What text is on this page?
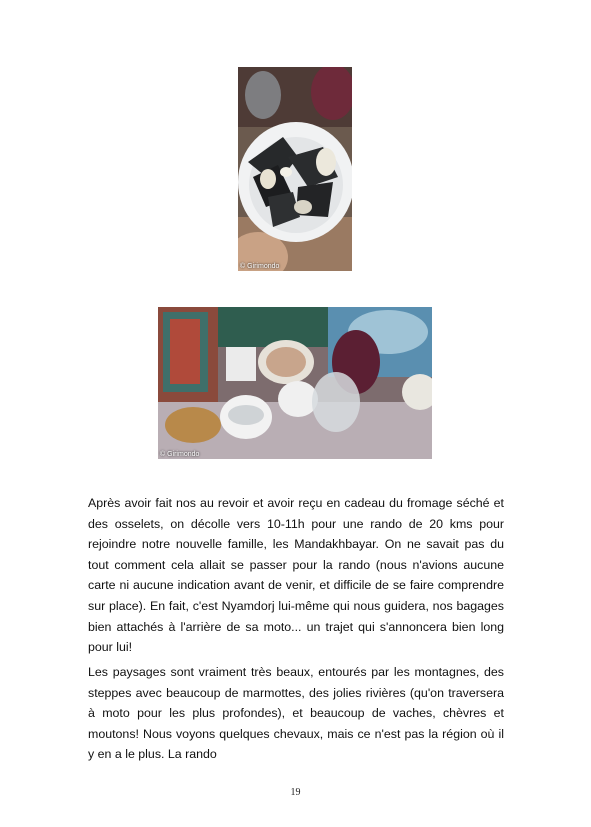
© Girimondo
© Girimondo

Après avoir fait nos au revoir et avoir reçu en cadeau du fromage séché et des osselets, on décolle vers 10-11h pour une rando de 20 kms pour rejoindre notre nouvelle famille, les Mandakhbayar. On ne savait pas du tout comment cela allait se passer pour la rando (nous n'avions aucune carte ni aucune indication avant de venir, et difficile de se faire comprendre sur place). En fait, c'est Nyamdorj lui-même qui nous guidera, nos bagages bien attachés à l'arrière de sa moto... un trajet qui s'annoncera bien long pour lui!

Les paysages sont vraiment très beaux, entourés par les montagnes, des steppes avec beaucoup de marmottes, des jolies rivières (qu'on traversera à moto pour les plus profondes), et beaucoup de vaches, chèvres et moutons! Nous voyons quelques chevaux, mais ce n'est pas la région où il y en a le plus. La rando

19
